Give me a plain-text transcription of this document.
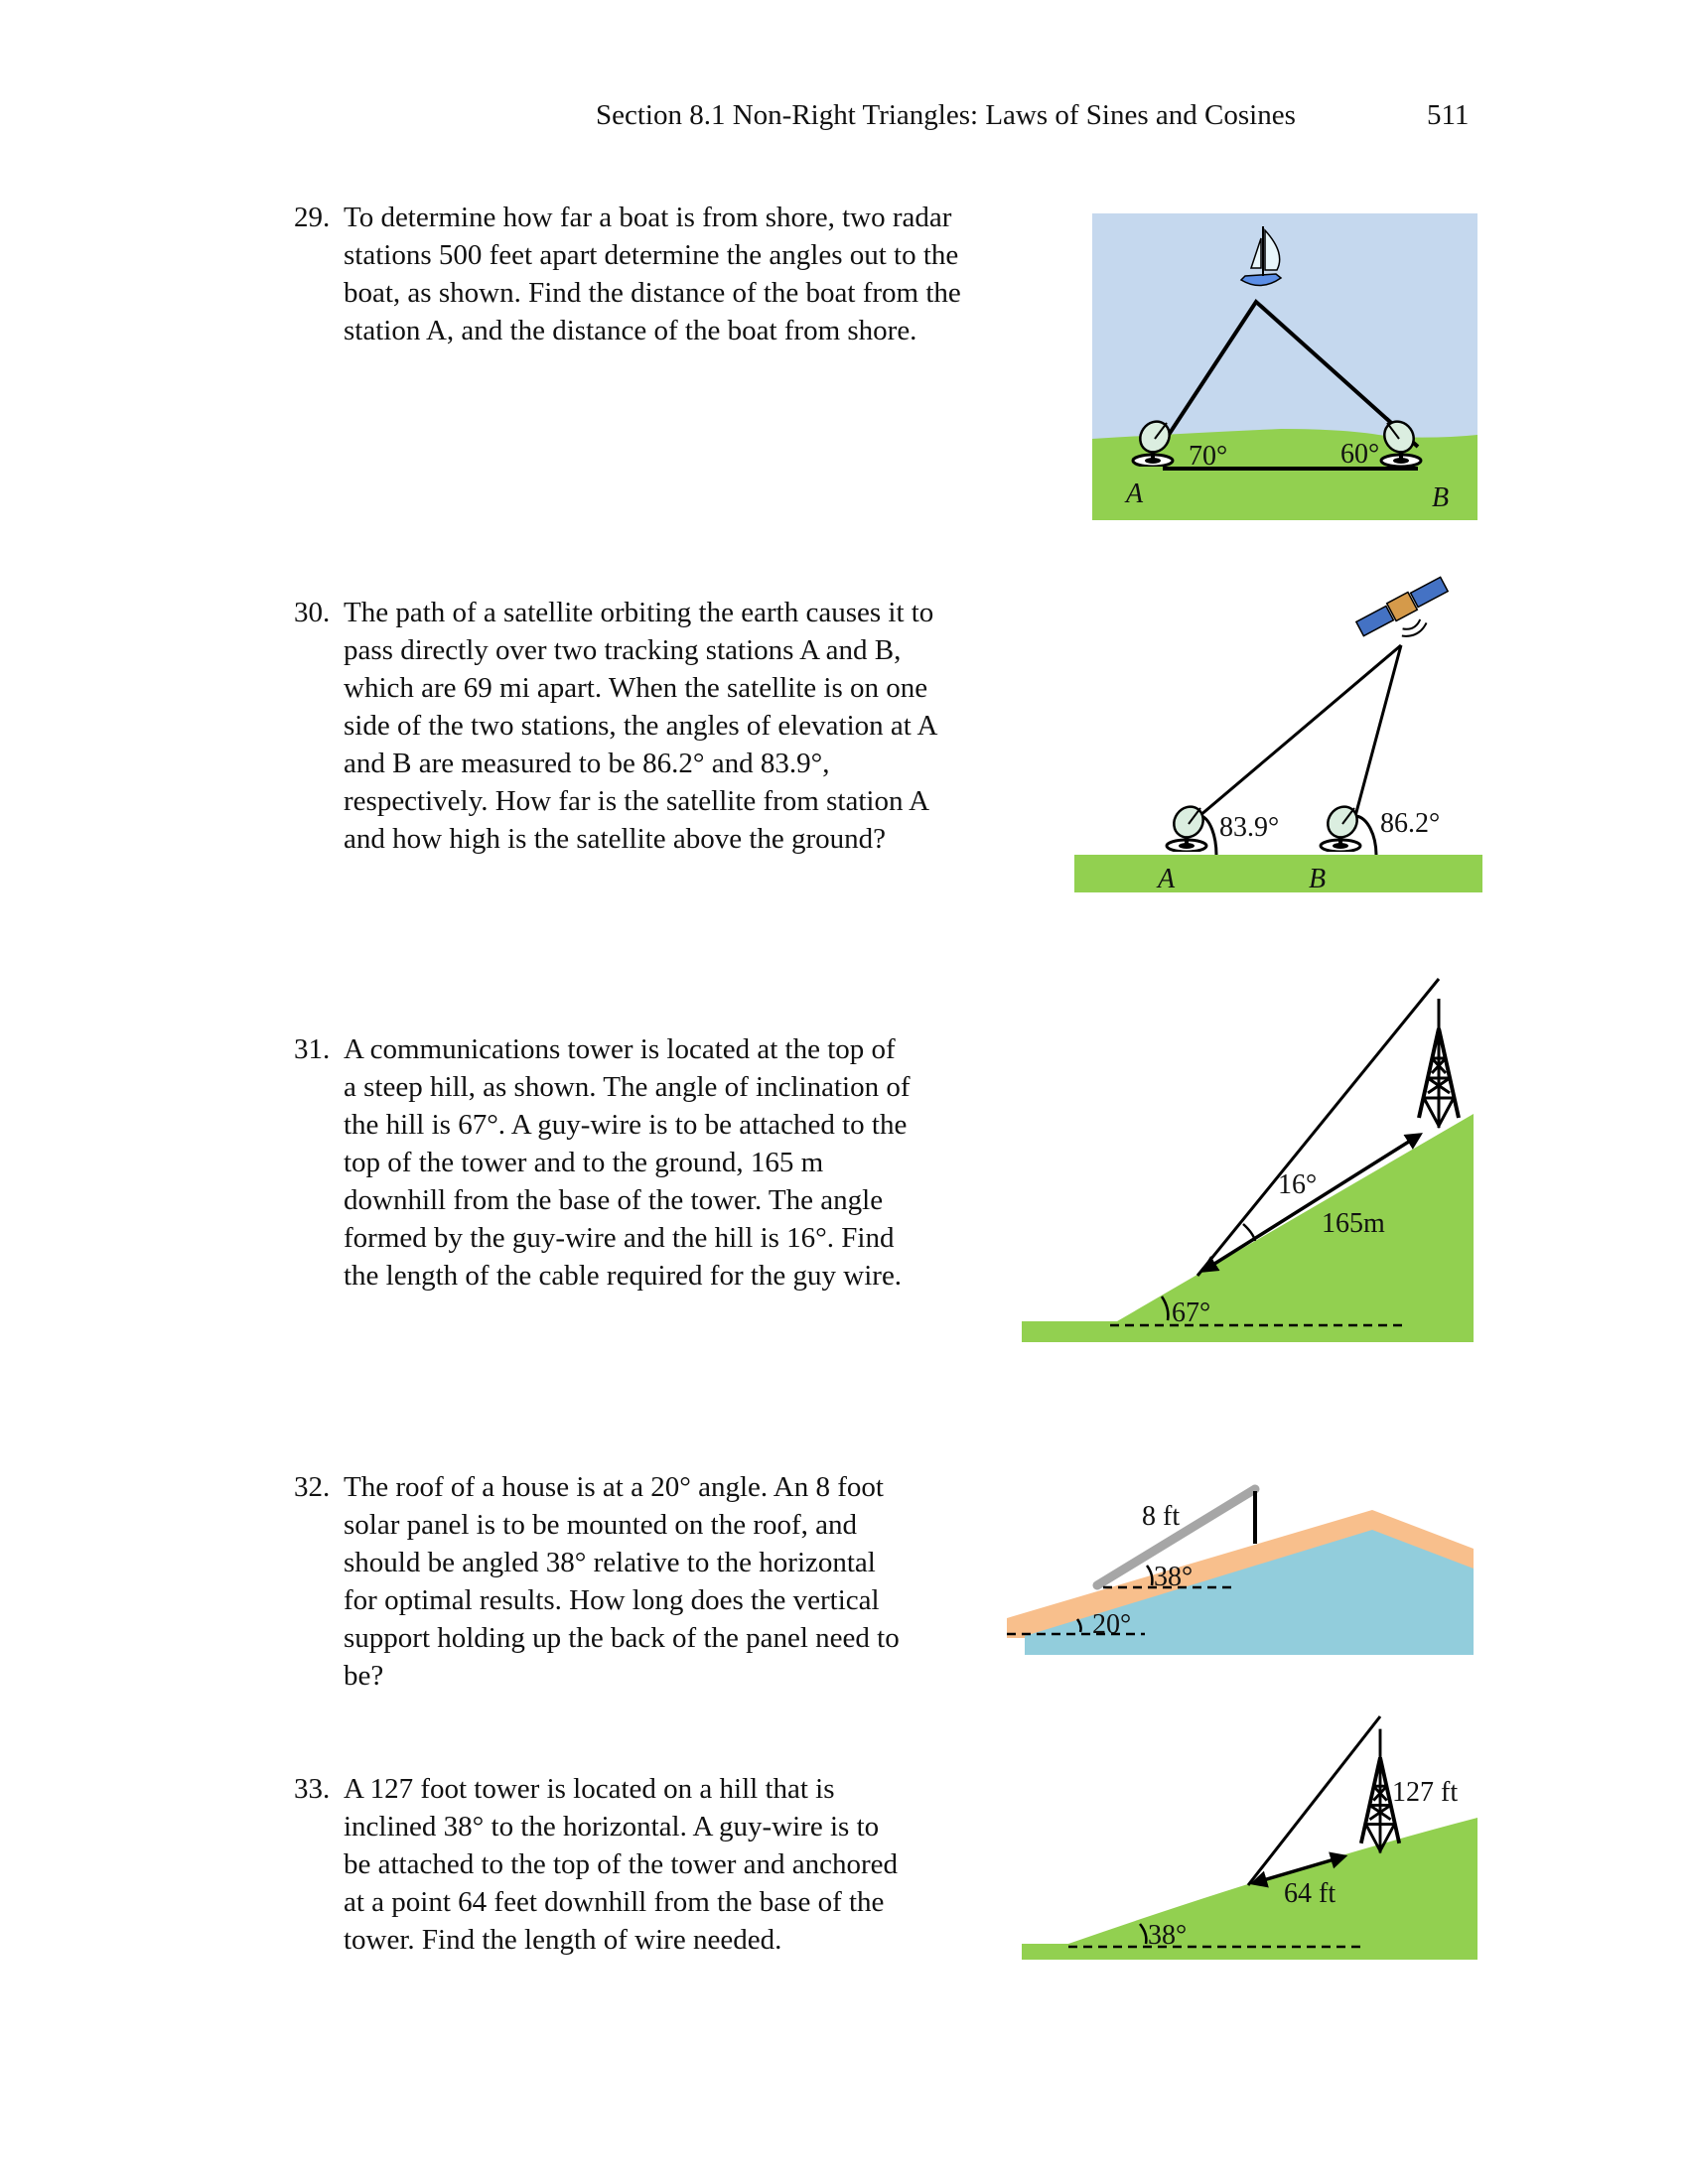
Section 8.1 Non-Right Triangles: Laws of Sines and Cosines	511
29. To determine how far a boat is from shore, two radar
stations 500 feet apart determine the angles out to the
boat, as shown. Find the distance of the boat from the
station A, and the distance of the boat from shore.
30. The path of a satellite orbiting the earth causes it to
pass directly over two tracking stations A and B,
which are 69 mi apart. When the satellite is on one
side of the two stations, the angles of elevation at A
and B are measured to be 86.2° and 83.9°,
respectively. How far is the satellite from station A
and how high is the satellite above the ground?
31. A communications tower is located at the top of
a steep hill, as shown. The angle of inclination of
the hill is 67°. A guy-wire is to be attached to the
top of the tower and to the ground, 165 m
downhill from the base of the tower. The angle
formed by the guy-wire and the hill is 16°. Find
the length of the cable required for the guy wire.
32. The roof of a house is at a 20° angle. An 8 foot
solar panel is to be mounted on the roof, and
should be angled 38° relative to the horizontal
for optimal results. How long does the vertical
support holding up the back of the panel need to
be?
33. A 127 foot tower is located on a hill that is
inclined 38° to the horizontal. A guy-wire is to
be attached to the top of the tower and anchored
at a point 64 feet downhill from the base of the
tower. Find the length of wire needed.
70°	60°
A	B
83.9°	86.2°
A	B
16°
165m
67°
8 ft
38°
20°
127 ft
64 ft
38°
